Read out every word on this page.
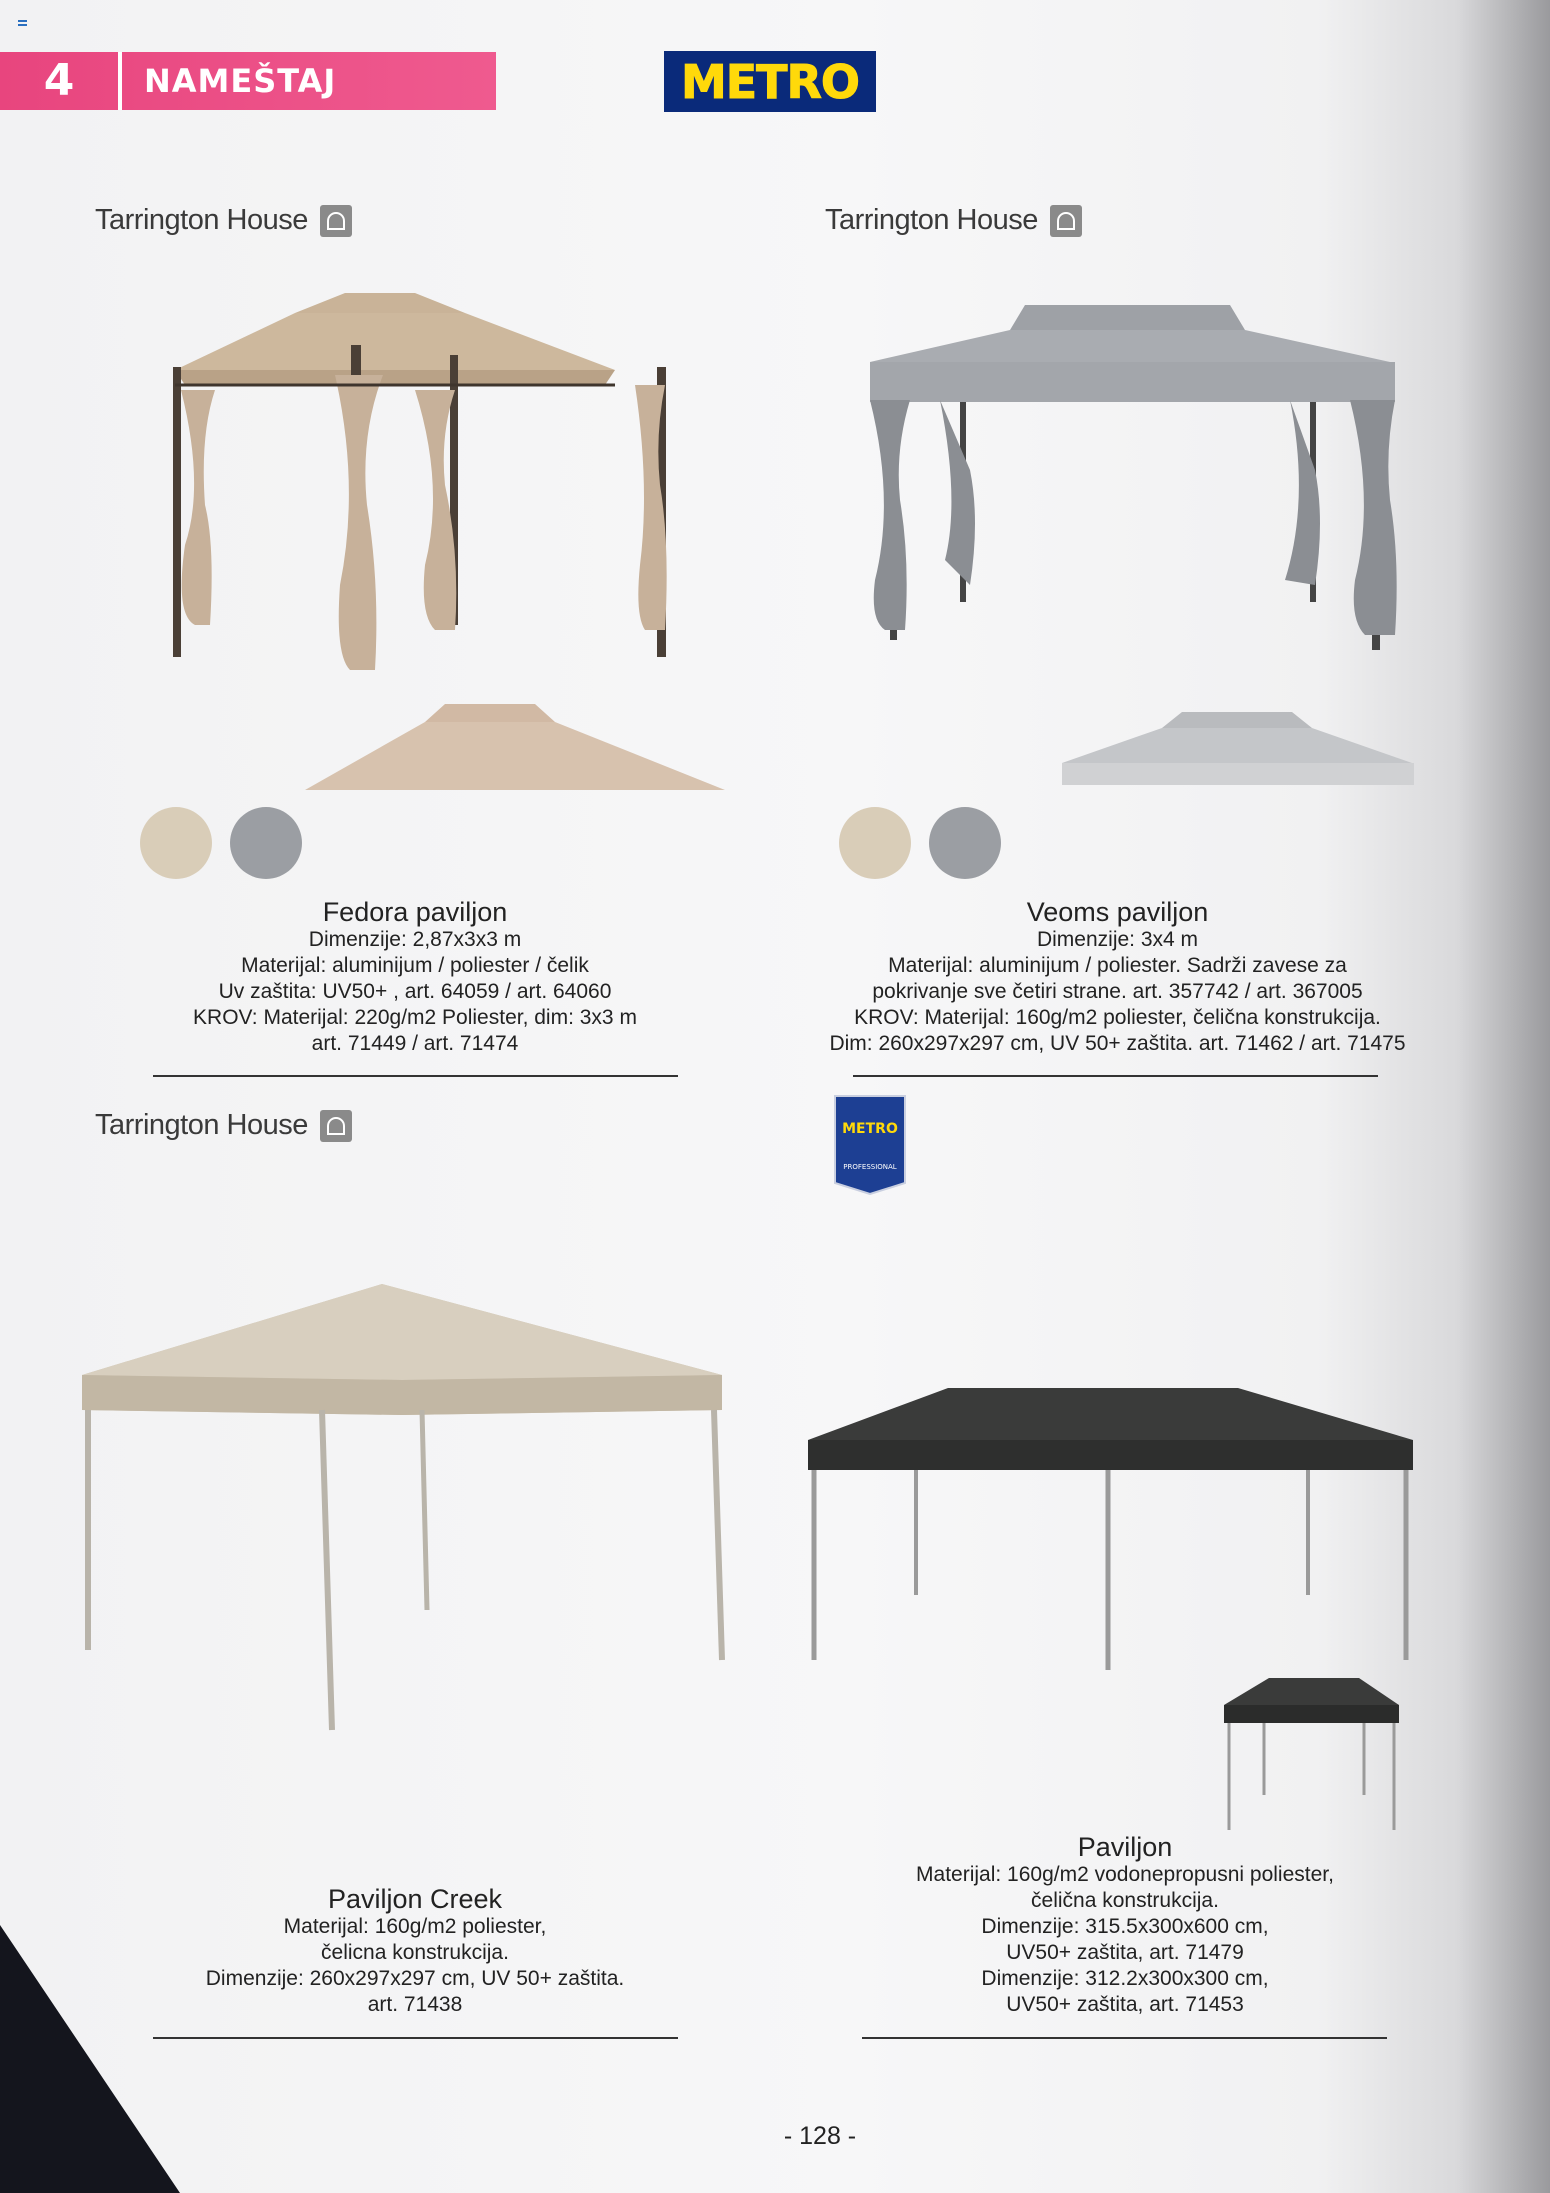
4	NAMEŠTAJ	METRO
Tarrington House	Tarrington House
Tarrington House	METRO
PROFESSIONAL
Fedora paviljon
Dimenzije: 2,87x3x3 m
Materijal: aluminijum / poliester / čelik
Uv zaštita: UV50+ , art. 64059 / art. 64060
KROV: Materijal: 220g/m2 Poliester, dim: 3x3 m
art. 71449 / art. 71474
Veoms paviljon
Dimenzije: 3x4 m
Materijal: aluminijum / poliester. Sadrži zavese za
pokrivanje sve četiri strane. art. 357742 / art. 367005
KROV: Materijal: 160g/m2 poliester, čelična konstrukcija.
Dim: 260x297x297 cm, UV 50+ zaštita. art. 71462 / art. 71475
Paviljon Creek
Materijal: 160g/m2 poliester,
čelicna konstrukcija.
Dimenzije: 260x297x297 cm, UV 50+ zaštita.
art. 71438
Paviljon
Materijal: 160g/m2 vodonepropusni poliester,
čelična konstrukcija.
Dimenzije: 315.5x300x600 cm,
UV50+ zaštita, art. 71479
Dimenzije: 312.2x300x300 cm,
UV50+ zaštita, art. 71453
- 128 -
